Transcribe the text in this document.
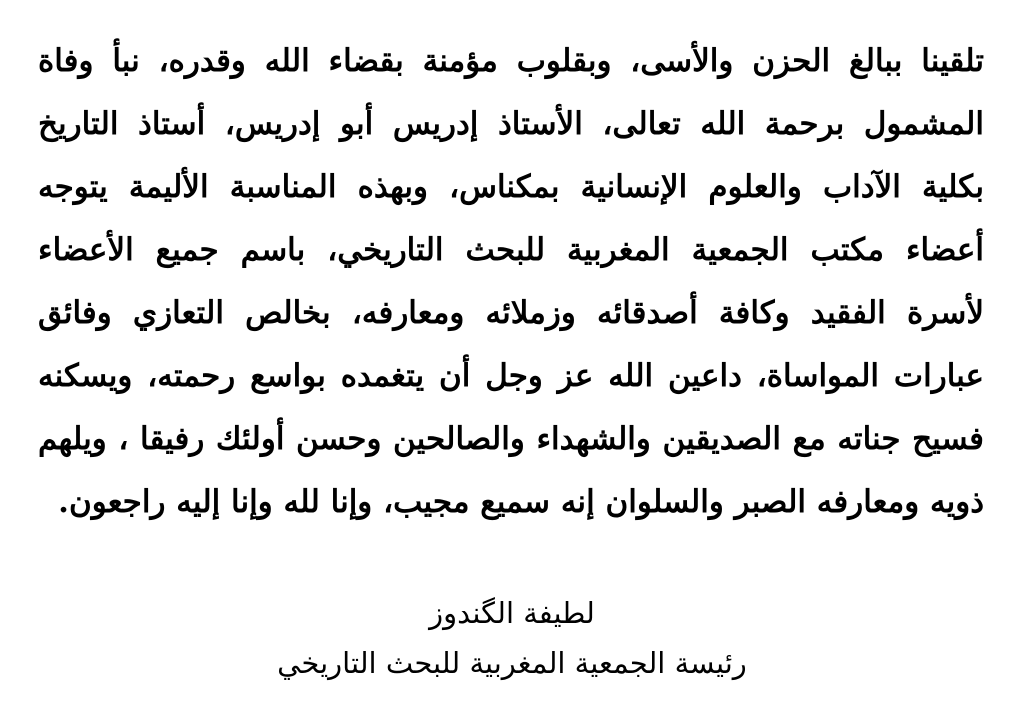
تلقينا ببالغ الحزن والأسى، وبقلوب مؤمنة بقضاء الله وقدره، نبأ وفاة
المشمول برحمة الله تعالى، الأستاذ إدريس أبو إدريس، أستاذ التاريخ
بكلية الآداب والعلوم الإنسانية بمكناس، وبهذه المناسبة الأليمة يتوجه
أعضاء مكتب الجمعية المغربية للبحث التاريخي، باسم جميع الأعضاء
لأسرة الفقيد وكافة أصدقائه وزملائه ومعارفه، بخالص التعازي وفائق
عبارات المواساة، داعين الله عز وجل أن يتغمده بواسع رحمته، ويسكنه
فسيح جناته مع الصديقين والشهداء والصالحين وحسن أولئك رفيقا ، ويلهم
ذويه ومعارفه الصبر والسلوان إنه سميع مجيب، وإنا لله وإنا إليه راجعون.
لطيفة الگندوز
رئيسة الجمعية المغربية للبحث التاريخي
